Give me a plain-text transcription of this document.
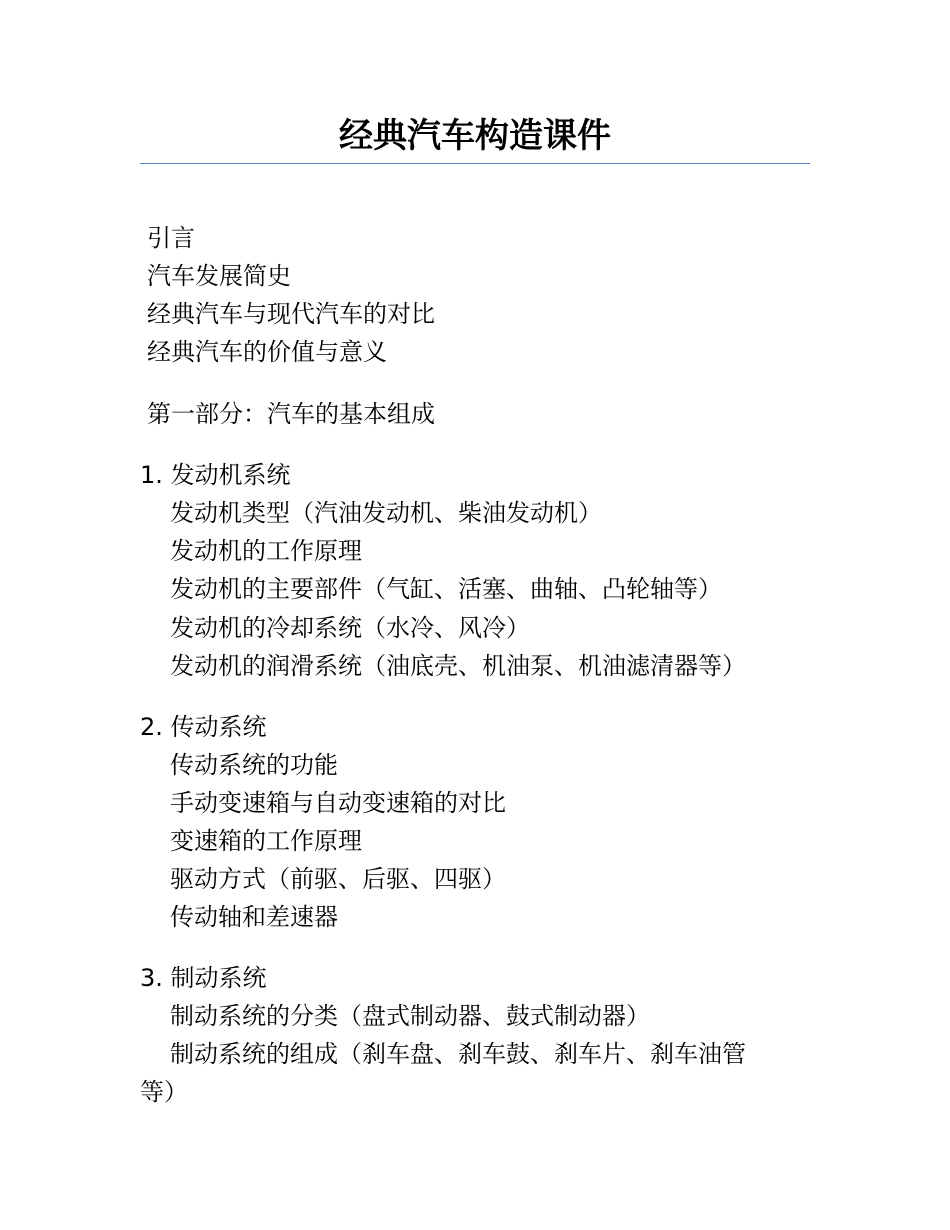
经典汽车构造课件

引言

汽车发展简史

经典汽车与现代汽车的对比

经典汽车的价值与意义

第一部分：汽车的基本组成

1. 发动机系统

发动机类型（汽油发动机、柴油发动机）

发动机的工作原理

发动机的主要部件（气缸、活塞、曲轴、凸轮轴等）

发动机的冷却系统（水冷、风冷）

发动机的润滑系统（油底壳、机油泵、机油滤清器等）

2. 传动系统

传动系统的功能

手动变速箱与自动变速箱的对比

变速箱的工作原理

驱动方式（前驱、后驱、四驱）

传动轴和差速器

3. 制动系统

制动系统的分类（盘式制动器、鼓式制动器）

制动系统的组成（刹车盘、刹车鼓、刹车片、刹车油管

等）
